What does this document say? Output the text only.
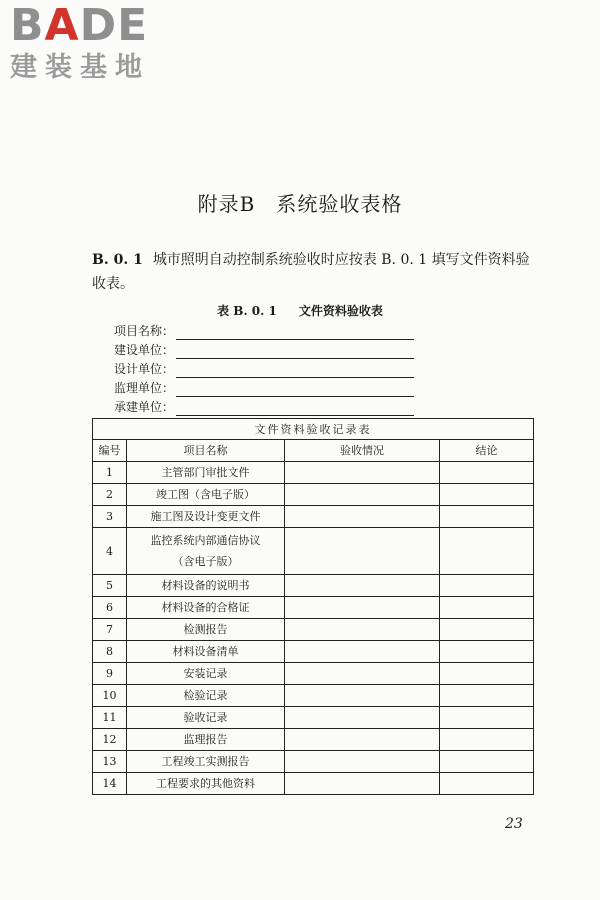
BADE
建装基地
附录B　系统验收表格
B. 0. 1 城市照明自动控制系统验收时应按表 B. 0. 1 填写文件资料验收表。
表 B. 0. 1 文件资料验收表
项目名称：
建设单位：
设计单位：
监理单位：
承建单位：
文件资料验收记录表			
编号	项目名称	验收情况	结论
1	主管部门审批文件		
2	竣工图（含电子版）		
3	施工图及设计变更文件		
4	监控系统内部通信协议
（含电子版）		

5	材料设备的说明书		
6	材料设备的合格证		
7	检测报告		
8	材料设备清单		
9	安装记录		
10	检验记录		
11	验收记录		
12	监理报告		
13	工程竣工实测报告		
14	工程要求的其他资料		
23
